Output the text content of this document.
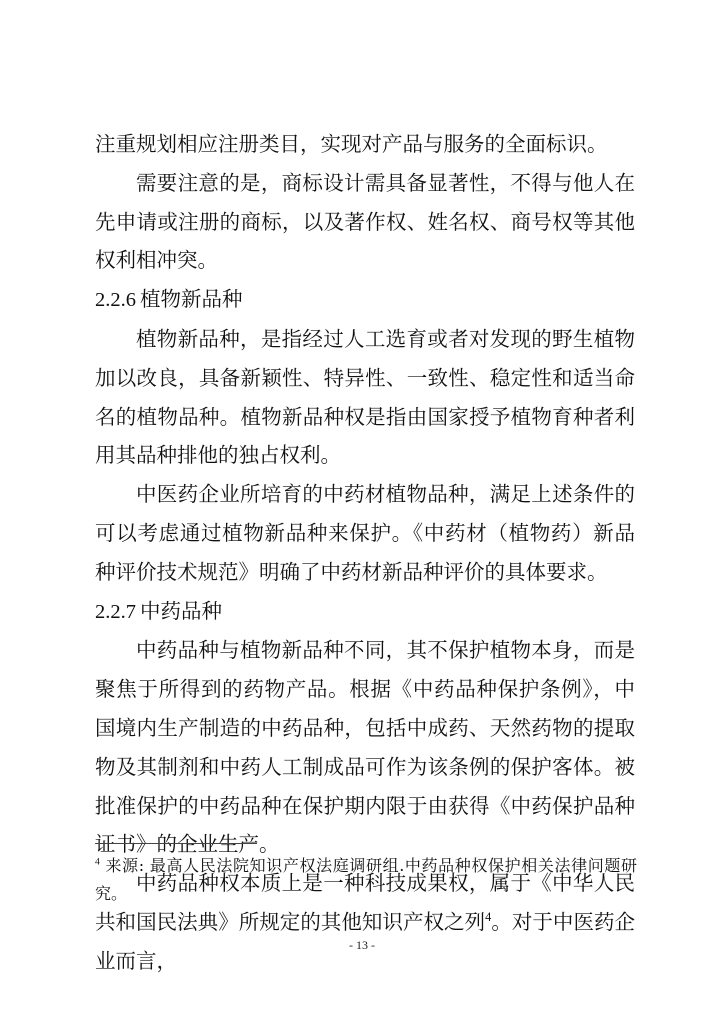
注重规划相应注册类目，实现对产品与服务的全面标识。

需要注意的是，商标设计需具备显著性，不得与他人在先申请或注册的商标，以及著作权、姓名权、商号权等其他权利相冲突。

2.2.6 植物新品种

植物新品种，是指经过人工选育或者对发现的野生植物加以改良，具备新颖性、特异性、一致性、稳定性和适当命名的植物品种。植物新品种权是指由国家授予植物育种者利用其品种排他的独占权利。

中医药企业所培育的中药材植物品种，满足上述条件的可以考虑通过植物新品种来保护。《中药材（植物药）新品种评价技术规范》明确了中药材新品种评价的具体要求。

2.2.7 中药品种

中药品种与植物新品种不同，其不保护植物本身，而是聚焦于所得到的药物产品。根据《中药品种保护条例》，中国境内生产制造的中药品种，包括中成药、天然药物的提取物及其制剂和中药人工制成品可作为该条例的保护客体。被批准保护的中药品种在保护期内限于由获得《中药保护品种证书》的企业生产。

中药品种权本质上是一种科技成果权，属于《中华人民共和国民法典》所规定的其他知识产权之列$^4$。对于中医药企业而言，

$^4$ 来源: 最高人民法院知识产权法庭调研组.中药品种权保护相关法律问题研究。
- 13 -
